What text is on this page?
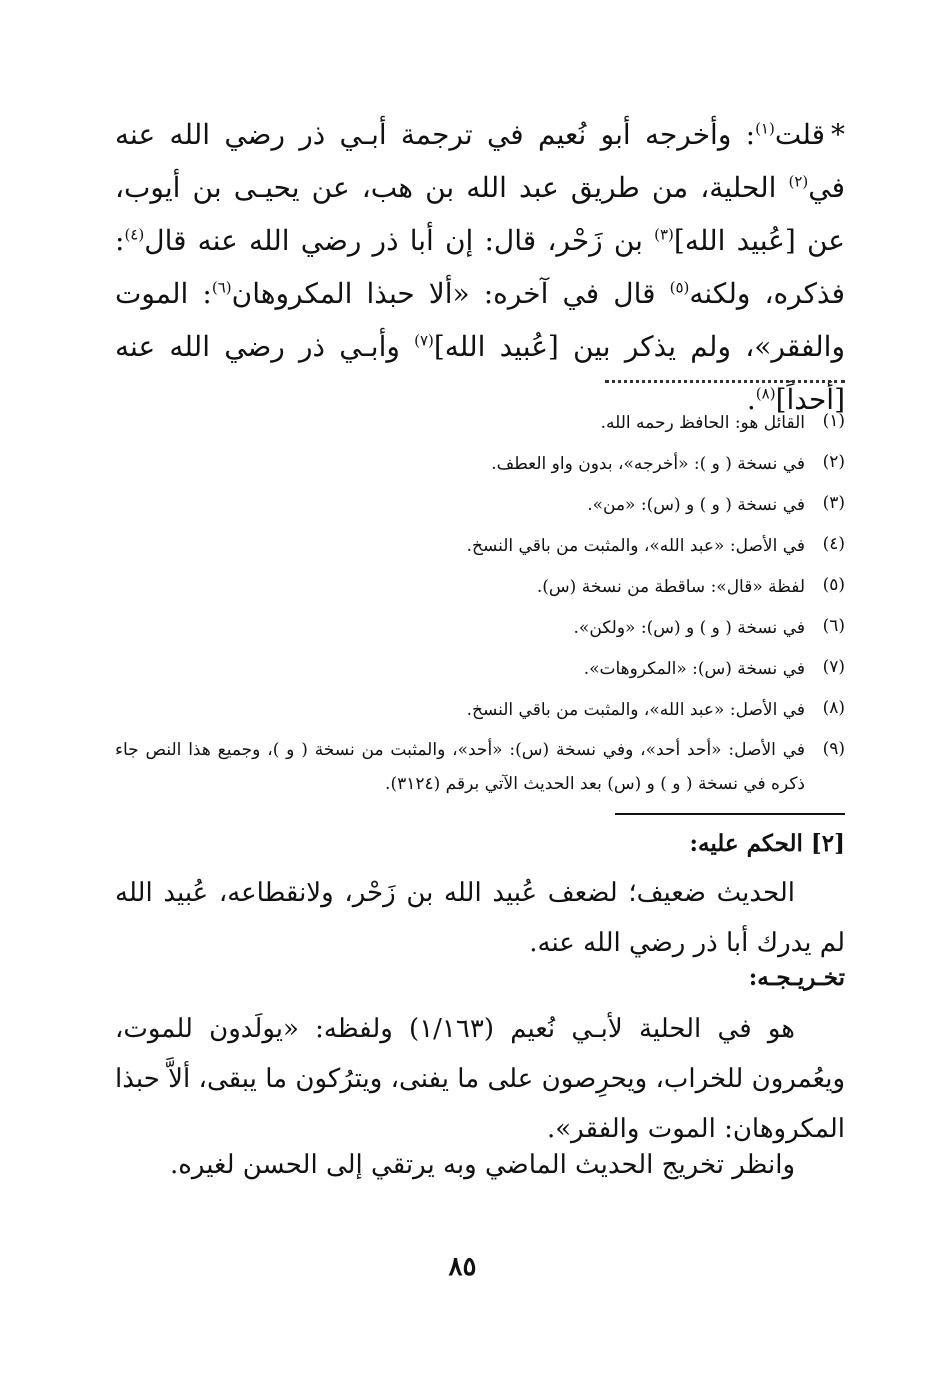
*قلت$^{(١)}$: وأخرجه أبو نُعيم في ترجمة أبـي ذر رضي الله عنه في$^{(٢)}$ الحلية، من طريق عبد الله بن هب، عن يحيـى بن أيوب، عن [عُبيد الله]$^{(٣)}$ بن زَحْر، قال: إن أبا ذر رضي الله عنه قال$^{(٤)}$: فذكره، ولكنه$^{(٥)}$ قال في آخره: «ألا حبذا المكروهان$^{(٦)}$: الموت والفقر»، ولم يذكر بين [عُبيد الله]$^{(٧)}$ وأبـي ذر رضي الله عنه [أحداً]$^{(٨)}$.
(١)
القائل هو: الحافظ رحمه الله.
(٢)
في نسخة ( و ): «أخرجه»، بدون واو العطف.
(٣)
في نسخة ( و ) و (س): «من».
(٤)
في الأصل: «عبد الله»، والمثبت من باقي النسخ.
(٥)
لفظة «قال»: ساقطة من نسخة (س).
(٦)
في نسخة ( و ) و (س): «ولكن».
(٧)
في نسخة (س): «المكروهات».
(٨)
في الأصل: «عبد الله»، والمثبت من باقي النسخ.
(٩)
في الأصل: «أحد أحد»، وفي نسخة (س): «أحد»، والمثبت من نسخة ( و )، وجميع هذا النص جاء ذكره في نسخة ( و ) و (س) بعد الحديث الآتي برقم (٣١٢٤).
[٢] الحكم عليه:
الحديث ضعيف؛ لضعف عُبيد الله بن زَحْر، ولانقطاعه، عُبيد الله لم يدرك أبا ذر رضي الله عنه.
تخـريـجـه:
هو في الحلية لأبـي نُعيم (١/١٦٣) ولفظه: «يولَدون للموت، ويعُمرون للخراب، ويحرِصون على ما يفنى، ويترُكون ما يبقى، ألاَّ حبذا المكروهان: الموت والفقر».
وانظر تخريج الحديث الماضي وبه يرتقي إلى الحسن لغيره.
٨٥
